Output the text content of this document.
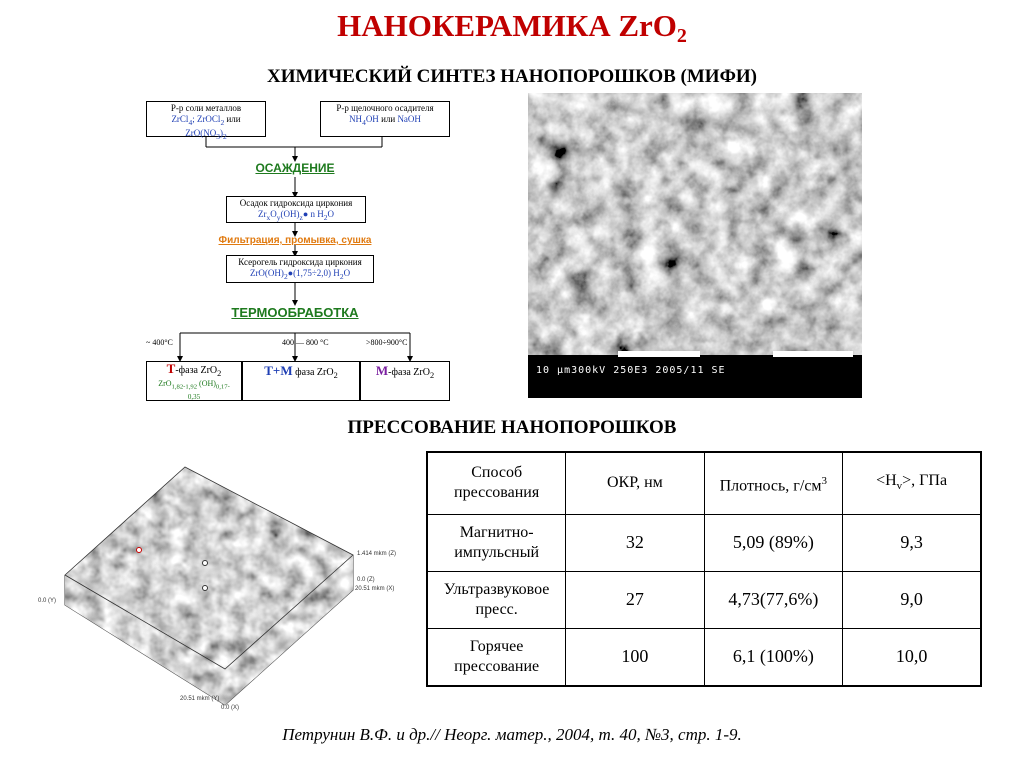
НАНОКЕРАМИКА ZrO$_2$
ХИМИЧЕСКИЙ СИНТЕЗ НАНОПОРОШКОВ (МИФИ)
Р-р соли металлов
ZrCl$_4$; ZrOCl$_2$ или
$ZrO(NO_3)_2$
Р-р щелочного осадителя
$NH_4OH$ или NaOH
ОСАЖДЕНИЕ
Осадок гидроксида циркония
$Zr_xO_y(OH)_z●$ n $H_2O$
Фильтрация, промывка, сушка
Ксерогель гидроксида циркония
$ZrO(OH)_2●(1,75\div 2,0)$ $H_2O$
ТЕРМООБРАБОТКА
~ 400°C	400 — 800 °C	>800÷900°C
Т-фаза ZrO$_2$
ZrO$_{1,82-1,92}$ $(OH)_{0,17-}$
0,35
Т+М фаза ZrO$_2$	М-фаза ZrO$_2$	10 µm300kV 250E3 2005/11 SE
ПРЕССОВАНИЕ НАНОПОРОШКОВ
1.414 mkm (Z)
0.0 (Z)
20.51 mkm (X)
0.0 (Y)
20.51 mkm (Y)
0.0 (X)
Способ прессования	ОКР, нм	Плотнось, $г/см^3$	$<H_v>$, ГПа
Магнитно-импульсный	32	5,09 (89%)	9,3
Ультразвуковое пресс.	27	4,73(77,6%)	9,0
Горячее прессование	100	6,1 (100%)	10,0
Петрунин В.Ф. и др.// Неорг. матер., 2004, т. 40, №3, стр. 1-9.
